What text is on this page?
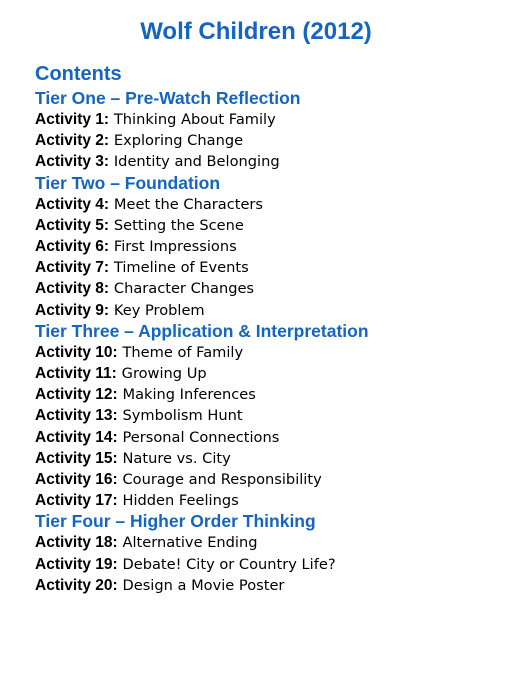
Wolf Children (2012)
Contents
Tier One – Pre-Watch Reflection
Activity 1: Thinking About Family
Activity 2: Exploring Change
Activity 3: Identity and Belonging
Tier Two – Foundation
Activity 4: Meet the Characters
Activity 5: Setting the Scene
Activity 6: First Impressions
Activity 7: Timeline of Events
Activity 8: Character Changes
Activity 9: Key Problem
Tier Three – Application & Interpretation
Activity 10: Theme of Family
Activity 11: Growing Up
Activity 12: Making Inferences
Activity 13: Symbolism Hunt
Activity 14: Personal Connections
Activity 15: Nature vs. City
Activity 16: Courage and Responsibility
Activity 17: Hidden Feelings
Tier Four – Higher Order Thinking
Activity 18: Alternative Ending
Activity 19: Debate! City or Country Life?
Activity 20: Design a Movie Poster
